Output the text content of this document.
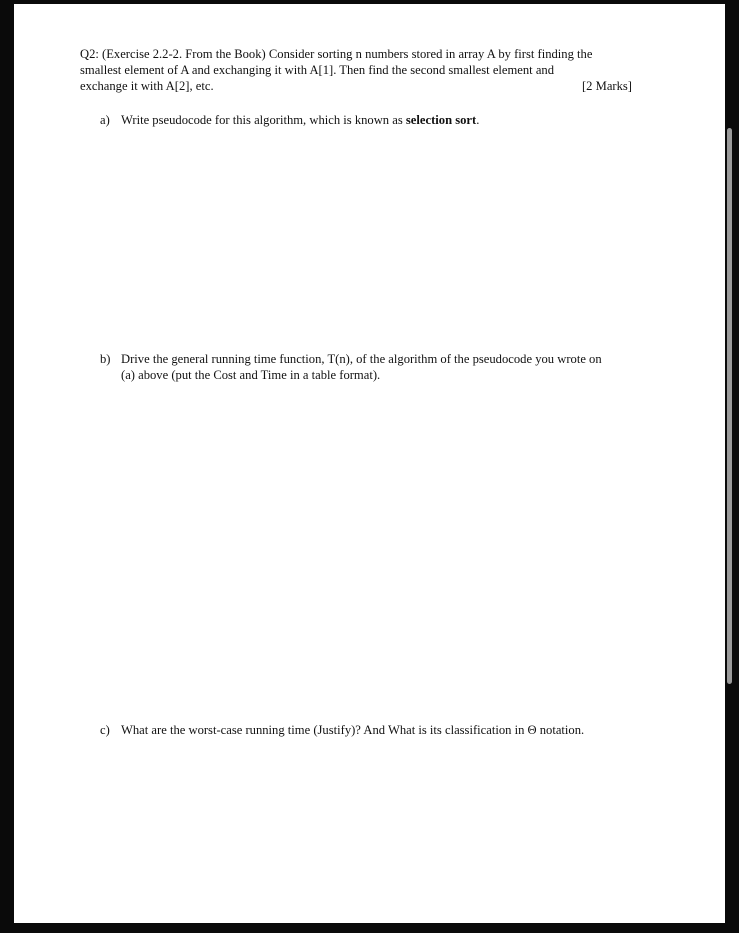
Q2: (Exercise 2.2-2. From the Book) Consider sorting n numbers stored in array A by first finding the
smallest element of A and exchanging it with A[1]. Then find the second smallest element and
exchange it with A[2], etc.	[2 Marks]
a) Write pseudocode for this algorithm, which is known as selection sort.
b) Drive the general running time function, T(n), of the algorithm of the pseudocode you wrote on
(a) above (put the Cost and Time in a table format).
c) What are the worst-case running time (Justify)? And What is its classification in Θ notation.
